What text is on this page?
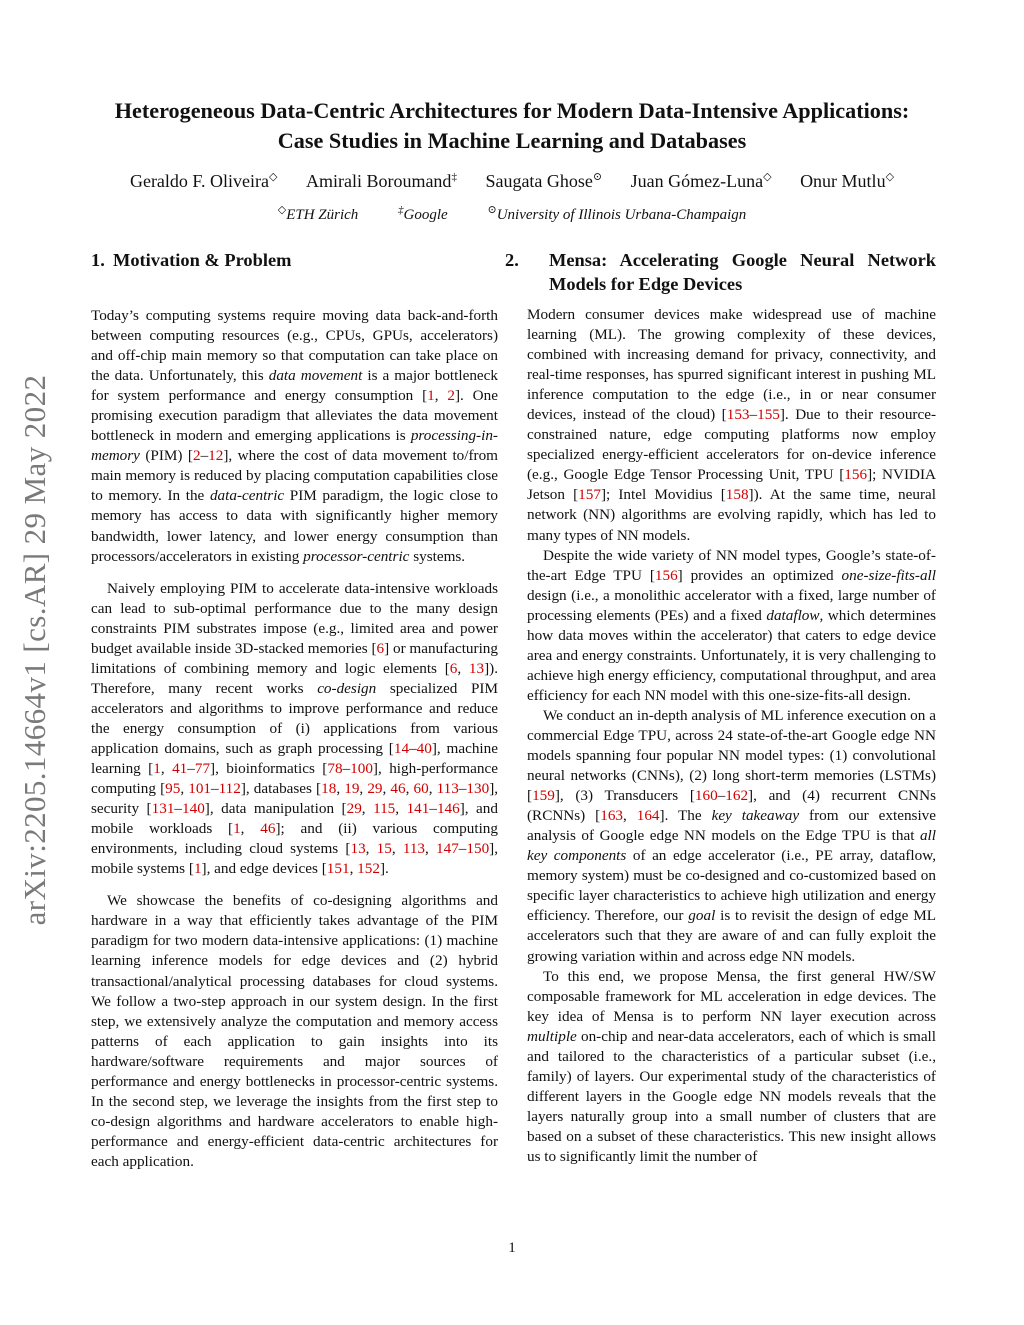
arXiv:2205.14664v1 [cs.AR] 29 May 2022
Heterogeneous Data-Centric Architectures for Modern Data-Intensive Applications:
Case Studies in Machine Learning and Databases
Geraldo F. Oliveira◇ Amirali Boroumand‡ Saugata Ghose⊙ Juan Gómez-Luna◇ Onur Mutlu◇
◇ETH Zürich	‡Google	⊙University of Illinois Urbana-Champaign
1. Motivation & Problem

Today’s computing systems require moving data back-and-forth between computing resources (e.g., CPUs, GPUs, accelerators) and off-chip main memory so that computation can take place on the data. Unfortunately, this data movement is a major bottleneck for system performance and energy consumption [1, 2]. One promising execution paradigm that alleviates the data movement bottleneck in modern and emerging applications is processing-in-memory (PIM) [2–12], where the cost of data movement to/from main memory is reduced by placing computation capabilities close to memory. In the data-centric PIM paradigm, the logic close to memory has access to data with significantly higher memory bandwidth, lower latency, and lower energy consumption than processors/accelerators in existing processor-centric systems.

Naively employing PIM to accelerate data-intensive workloads can lead to sub-optimal performance due to the many design constraints PIM substrates impose (e.g., limited area and power budget available inside 3D-stacked memories [6] or manufacturing limitations of combining memory and logic elements [6, 13]). Therefore, many recent works co-design specialized PIM accelerators and algorithms to improve performance and reduce the energy consumption of (i) applications from various application domains, such as graph processing [14–40], machine learning [1, 41–77], bioinformatics [78–100], high-performance computing [95, 101–112], databases [18, 19, 29, 46, 60, 113–130], security [131–140], data manipulation [29, 115, 141–146], and mobile workloads [1, 46]; and (ii) various computing environments, including cloud systems [13, 15, 113, 147–150], mobile systems [1], and edge devices [151, 152].

We showcase the benefits of co-designing algorithms and hardware in a way that efficiently takes advantage of the PIM paradigm for two modern data-intensive applications: (1) machine learning inference models for edge devices and (2) hybrid transactional/analytical processing databases for cloud systems. We follow a two-step approach in our system design. In the first step, we extensively analyze the computation and memory access patterns of each application to gain insights into its hardware/software requirements and major sources of performance and energy bottlenecks in processor-centric systems. In the second step, we leverage the insights from the first step to co-design algorithms and hardware accelerators to enable high-performance and energy-efficient data-centric architectures for each application.

2. Mensa: Accelerating Google Neural Network Models for Edge Devices

Modern consumer devices make widespread use of machine learning (ML). The growing complexity of these devices, combined with increasing demand for privacy, connectivity, and real-time responses, has spurred significant interest in pushing ML inference computation to the edge (i.e., in or near consumer devices, instead of the cloud) [153–155]. Due to their resource-constrained nature, edge computing platforms now employ specialized energy-efficient accelerators for on-device inference (e.g., Google Edge Tensor Processing Unit, TPU [156]; NVIDIA Jetson [157]; Intel Movidius [158]). At the same time, neural network (NN) algorithms are evolving rapidly, which has led to many types of NN models.

Despite the wide variety of NN model types, Google’s state-of-the-art Edge TPU [156] provides an optimized one-size-fits-all design (i.e., a monolithic accelerator with a fixed, large number of processing elements (PEs) and a fixed dataflow, which determines how data moves within the accelerator) that caters to edge device area and energy constraints. Unfortunately, it is very challenging to achieve high energy efficiency, computational throughput, and area efficiency for each NN model with this one-size-fits-all design.

We conduct an in-depth analysis of ML inference execution on a commercial Edge TPU, across 24 state-of-the-art Google edge NN models spanning four popular NN model types: (1) convolutional neural networks (CNNs), (2) long short-term memories (LSTMs) [159], (3) Transducers [160–162], and (4) recurrent CNNs (RCNNs) [163, 164]. The key takeaway from our extensive analysis of Google edge NN models on the Edge TPU is that all key components of an edge accelerator (i.e., PE array, dataflow, memory system) must be co-designed and co-customized based on specific layer characteristics to achieve high utilization and energy efficiency. Therefore, our goal is to revisit the design of edge ML accelerators such that they are aware of and can fully exploit the growing variation within and across edge NN models.

To this end, we propose Mensa, the first general HW/SW composable framework for ML acceleration in edge devices. The key idea of Mensa is to perform NN layer execution across multiple on-chip and near-data accelerators, each of which is small and tailored to the characteristics of a particular subset (i.e., family) of layers. Our experimental study of the characteristics of different layers in the Google edge NN models reveals that the layers naturally group into a small number of clusters that are based on a subset of these characteristics. This new insight allows us to significantly limit the number of

1
